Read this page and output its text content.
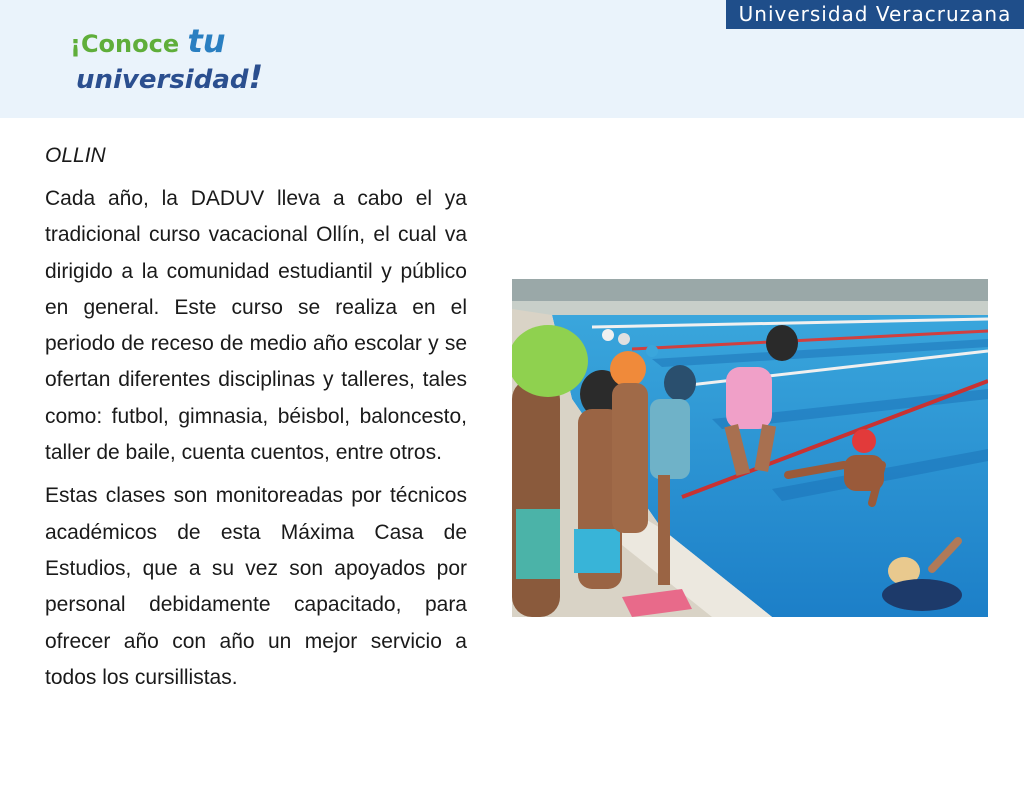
¡Conoce tu
universidad!
Universidad Veracruzana
OLLIN

Cada año, la DADUV lleva a cabo el ya tradicional curso vacacional Ollín, el cual va dirigido a la comunidad estudiantil y público en general. Este curso se realiza en el periodo de receso de medio año escolar y se ofertan diferentes disciplinas y talleres, tales como: futbol, gimnasia, béisbol, baloncesto, taller de baile, cuenta cuentos, entre otros.

Estas clases son monitoreadas por técnicos académicos de esta Máxima Casa de Estudios, que a su vez son apoyados por personal debidamente capacitado, para ofrecer año con año un mejor servicio a todos los cursillistas.
